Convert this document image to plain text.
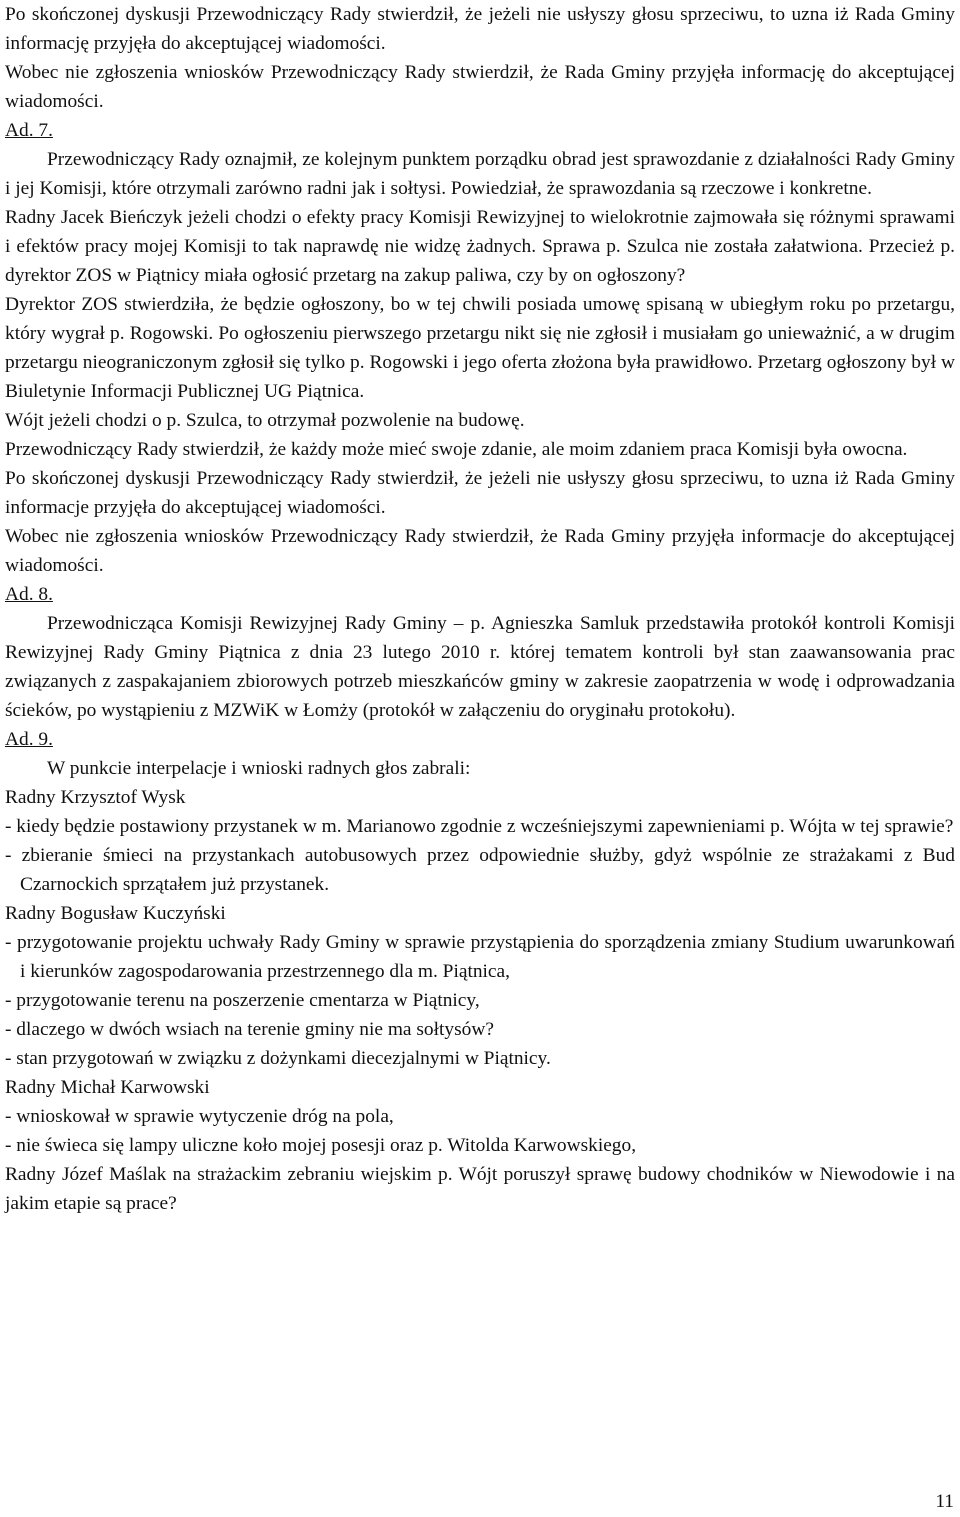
Po skończonej dyskusji Przewodniczący Rady stwierdził, że jeżeli nie usłyszy głosu sprzeciwu, to uzna iż Rada Gminy informację przyjęła do akceptującej wiadomości.

Wobec nie zgłoszenia wniosków Przewodniczący Rady stwierdził, że Rada Gminy przyjęła informację do akceptującej wiadomości.

Ad. 7.

Przewodniczący Rady oznajmił, ze kolejnym punktem porządku obrad jest sprawozdanie z działalności Rady Gminy i jej Komisji, które otrzymali zarówno radni jak i sołtysi. Powiedział, że sprawozdania są rzeczowe i konkretne.

Radny Jacek Bieńczyk jeżeli chodzi o efekty pracy Komisji Rewizyjnej to wielokrotnie zajmowała się różnymi sprawami i efektów pracy mojej Komisji to tak naprawdę nie widzę żadnych. Sprawa p. Szulca nie została załatwiona. Przecież p. dyrektor ZOS w Piątnicy miała ogłosić przetarg na zakup paliwa, czy by on ogłoszony?

Dyrektor ZOS stwierdziła, że będzie ogłoszony, bo w tej chwili posiada umowę spisaną w ubiegłym roku po przetargu, który wygrał p. Rogowski. Po ogłoszeniu pierwszego przetargu nikt się nie zgłosił i musiałam go unieważnić, a w drugim przetargu nieograniczonym zgłosił się tylko p. Rogowski i jego oferta złożona była prawidłowo. Przetarg ogłoszony był w Biuletynie Informacji Publicznej UG Piątnica.

Wójt jeżeli chodzi o p. Szulca, to otrzymał pozwolenie na budowę.

Przewodniczący Rady stwierdził, że każdy może mieć swoje zdanie, ale moim zdaniem praca Komisji była owocna.

Po skończonej dyskusji Przewodniczący Rady stwierdził, że jeżeli nie usłyszy głosu sprzeciwu, to uzna iż Rada Gminy informacje przyjęła do akceptującej wiadomości.

Wobec nie zgłoszenia wniosków Przewodniczący Rady stwierdził, że Rada Gminy przyjęła informacje do akceptującej wiadomości.

Ad. 8.

Przewodnicząca Komisji Rewizyjnej Rady Gminy – p. Agnieszka Samluk przedstawiła protokół kontroli Komisji Rewizyjnej Rady Gminy Piątnica z dnia 23 lutego 2010 r. której tematem kontroli był stan zaawansowania prac związanych z zaspakajaniem zbiorowych potrzeb mieszkańców gminy w zakresie zaopatrzenia w wodę i odprowadzania ścieków, po wystąpieniu z MZWiK w Łomży (protokół w załączeniu do oryginału protokołu).

Ad. 9.

W punkcie interpelacje i wnioski radnych głos zabrali:

Radny Krzysztof Wysk

- kiedy będzie postawiony przystanek w m. Marianowo zgodnie z wcześniejszymi zapewnieniami p. Wójta w tej sprawie?

- zbieranie śmieci na przystankach autobusowych przez odpowiednie służby, gdyż wspólnie ze strażakami z Bud Czarnockich sprzątałem już przystanek.

Radny Bogusław Kuczyński

- przygotowanie projektu uchwały Rady Gminy w sprawie przystąpienia do sporządzenia zmiany Studium uwarunkowań i kierunków zagospodarowania przestrzennego dla m. Piątnica,

- przygotowanie terenu na poszerzenie cmentarza w Piątnicy,

- dlaczego w dwóch wsiach na terenie gminy nie ma sołtysów?

- stan przygotowań w związku z dożynkami diecezjalnymi w Piątnicy.

Radny Michał Karwowski

- wnioskował w sprawie wytyczenie dróg na pola,

- nie świeca się lampy uliczne koło mojej posesji oraz p. Witolda Karwowskiego,

Radny Józef Maślak na strażackim zebraniu wiejskim p. Wójt poruszył sprawę budowy chodników w Niewodowie i na jakim etapie są prace?

11
